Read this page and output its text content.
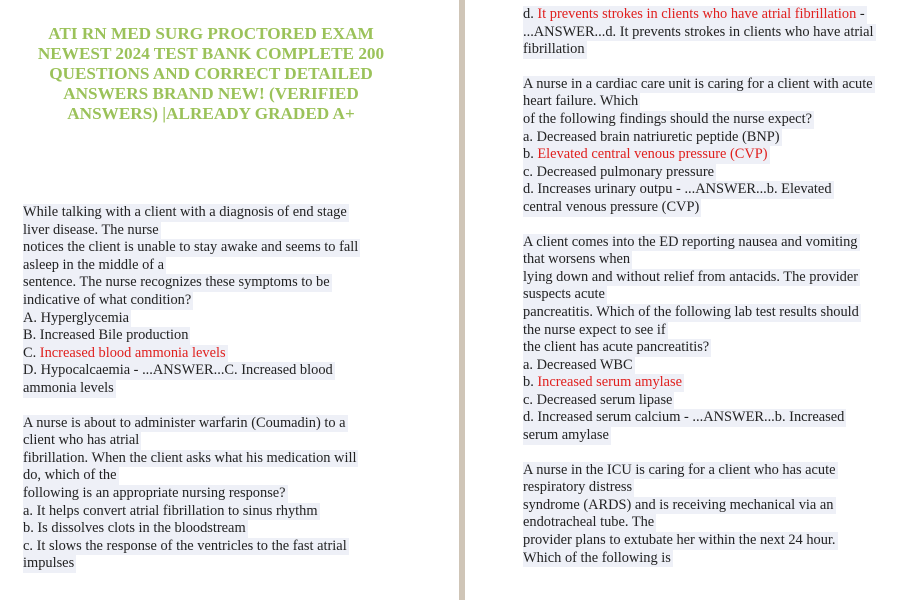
ATI RN MED SURG PROCTORED EXAM
NEWEST 2024 TEST BANK COMPLETE 200
QUESTIONS AND CORRECT DETAILED
ANSWERS BRAND NEW! (VERIFIED
ANSWERS) |ALREADY GRADED A+
While talking with a client with a diagnosis of end stage
liver disease. The nurse
notices the client is unable to stay awake and seems to fall
asleep in the middle of a
sentence. The nurse recognizes these symptoms to be
indicative of what condition?
A. Hyperglycemia
B. Increased Bile production
C. Increased blood ammonia levels
D. Hypocalcaemia - ...ANSWER...C. Increased blood
ammonia levels
A nurse is about to administer warfarin (Coumadin) to a
client who has atrial
fibrillation. When the client asks what his medication will
do, which of the
following is an appropriate nursing response?
a. It helps convert atrial fibrillation to sinus rhythm
b. Is dissolves clots in the bloodstream
c. It slows the response of the ventricles to the fast atrial
impulses
d. It prevents strokes in clients who have atrial fibrillation -
...ANSWER...d. It prevents strokes in clients who have atrial
fibrillation
A nurse in a cardiac care unit is caring for a client with acute
heart failure. Which
of the following findings should the nurse expect?
a. Decreased brain natriuretic peptide (BNP)
b. Elevated central venous pressure (CVP)
c. Decreased pulmonary pressure
d. Increases urinary outpu - ...ANSWER...b. Elevated
central venous pressure (CVP)
A client comes into the ED reporting nausea and vomiting
that worsens when
lying down and without relief from antacids. The provider
suspects acute
pancreatitis. Which of the following lab test results should
the nurse expect to see if
the client has acute pancreatitis?
a. Decreased WBC
b. Increased serum amylase
c. Decreased serum lipase
d. Increased serum calcium - ...ANSWER...b. Increased
serum amylase
A nurse in the ICU is caring for a client who has acute
respiratory distress
syndrome (ARDS) and is receiving mechanical via an
endotracheal tube. The
provider plans to extubate her within the next 24 hour.
Which of the following is
